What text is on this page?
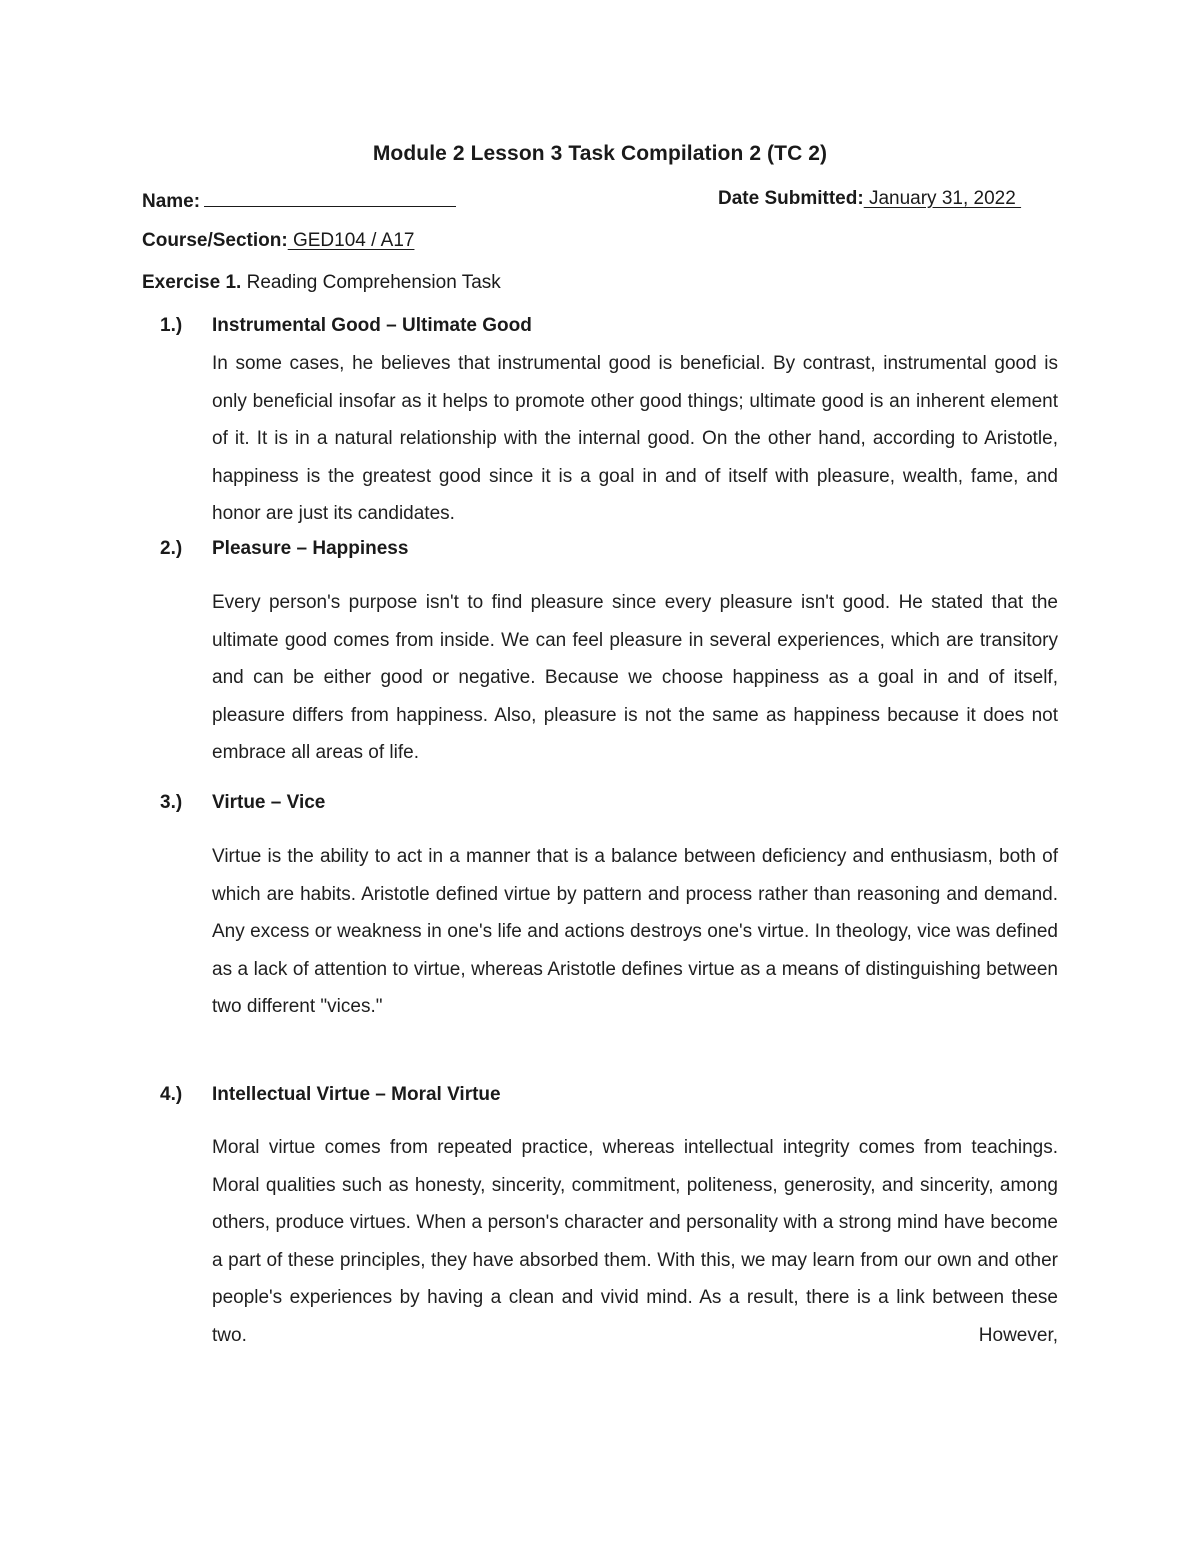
Module 2 Lesson 3 Task Compilation 2 (TC 2)
Name:	Date Submitted: January 31, 2022
Course/Section: GED104 / A17
Exercise 1. Reading Comprehension Task
1.) Instrumental Good – Ultimate Good
In some cases, he believes that instrumental good is beneficial. By contrast, instrumental good is only beneficial insofar as it helps to promote other good things; ultimate good is an inherent element of it. It is in a natural relationship with the internal good. On the other hand, according to Aristotle, happiness is the greatest good since it is a goal in and of itself with pleasure, wealth, fame, and honor are just its candidates.
2.) Pleasure – Happiness
Every person's purpose isn't to find pleasure since every pleasure isn't good. He stated that the ultimate good comes from inside. We can feel pleasure in several experiences, which are transitory and can be either good or negative. Because we choose happiness as a goal in and of itself, pleasure differs from happiness. Also, pleasure is not the same as happiness because it does not embrace all areas of life.
3.) Virtue – Vice
Virtue is the ability to act in a manner that is a balance between deficiency and enthusiasm, both of which are habits. Aristotle defined virtue by pattern and process rather than reasoning and demand. Any excess or weakness in one's life and actions destroys one's virtue. In theology, vice was defined as a lack of attention to virtue, whereas Aristotle defines virtue as a means of distinguishing between two different "vices."
4.) Intellectual Virtue – Moral Virtue
Moral virtue comes from repeated practice, whereas intellectual integrity comes from teachings. Moral qualities such as honesty, sincerity, commitment, politeness, generosity, and sincerity, among others, produce virtues. When a person's character and personality with a strong mind have become a part of these principles, they have absorbed them. With this, we may learn from our own and other people's experiences by having a clean and vivid mind. As a result, there is a link between these two. However,
